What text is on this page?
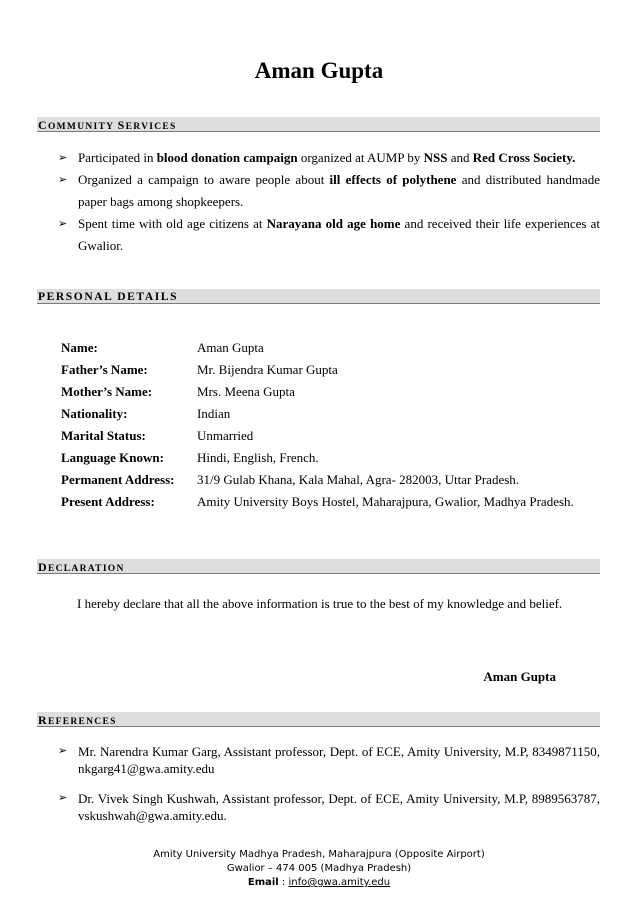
Aman Gupta
COMMUNITY SERVICES
➢ Participated in blood donation campaign organized at AUMP by NSS and Red Cross Society.
➢ Organized a campaign to aware people about ill effects of polythene and distributed handmade paper bags among shopkeepers.
➢ Spent time with old age citizens at Narayana old age home and received their life experiences at Gwalior.
PERSONAL DETAILS
Name:	Aman Gupta
Father’s Name:	Mr. Bijendra Kumar Gupta
Mother’s Name:	Mrs. Meena Gupta
Nationality:	Indian
Marital Status:	Unmarried
Language Known:	Hindi, English, French.
Permanent Address:	31/9 Gulab Khana, Kala Mahal, Agra- 282003, Uttar Pradesh.
Present Address:	Amity University Boys Hostel, Maharajpura, Gwalior, Madhya Pradesh.
DECLARATION
I hereby declare that all the above information is true to the best of my knowledge and belief.
Aman Gupta
REFERENCES
➢ Mr. Narendra Kumar Garg, Assistant professor, Dept. of ECE, Amity University, M.P, 8349871150, nkgarg41@gwa.amity.edu
➢ Dr. Vivek Singh Kushwah, Assistant professor, Dept. of ECE, Amity University, M.P, 8989563787, vskushwah@gwa.amity.edu.
Amity University Madhya Pradesh, Maharajpura (Opposite Airport)
Gwalior – 474 005 (Madhya Pradesh)
Email : info@gwa.amity.edu
